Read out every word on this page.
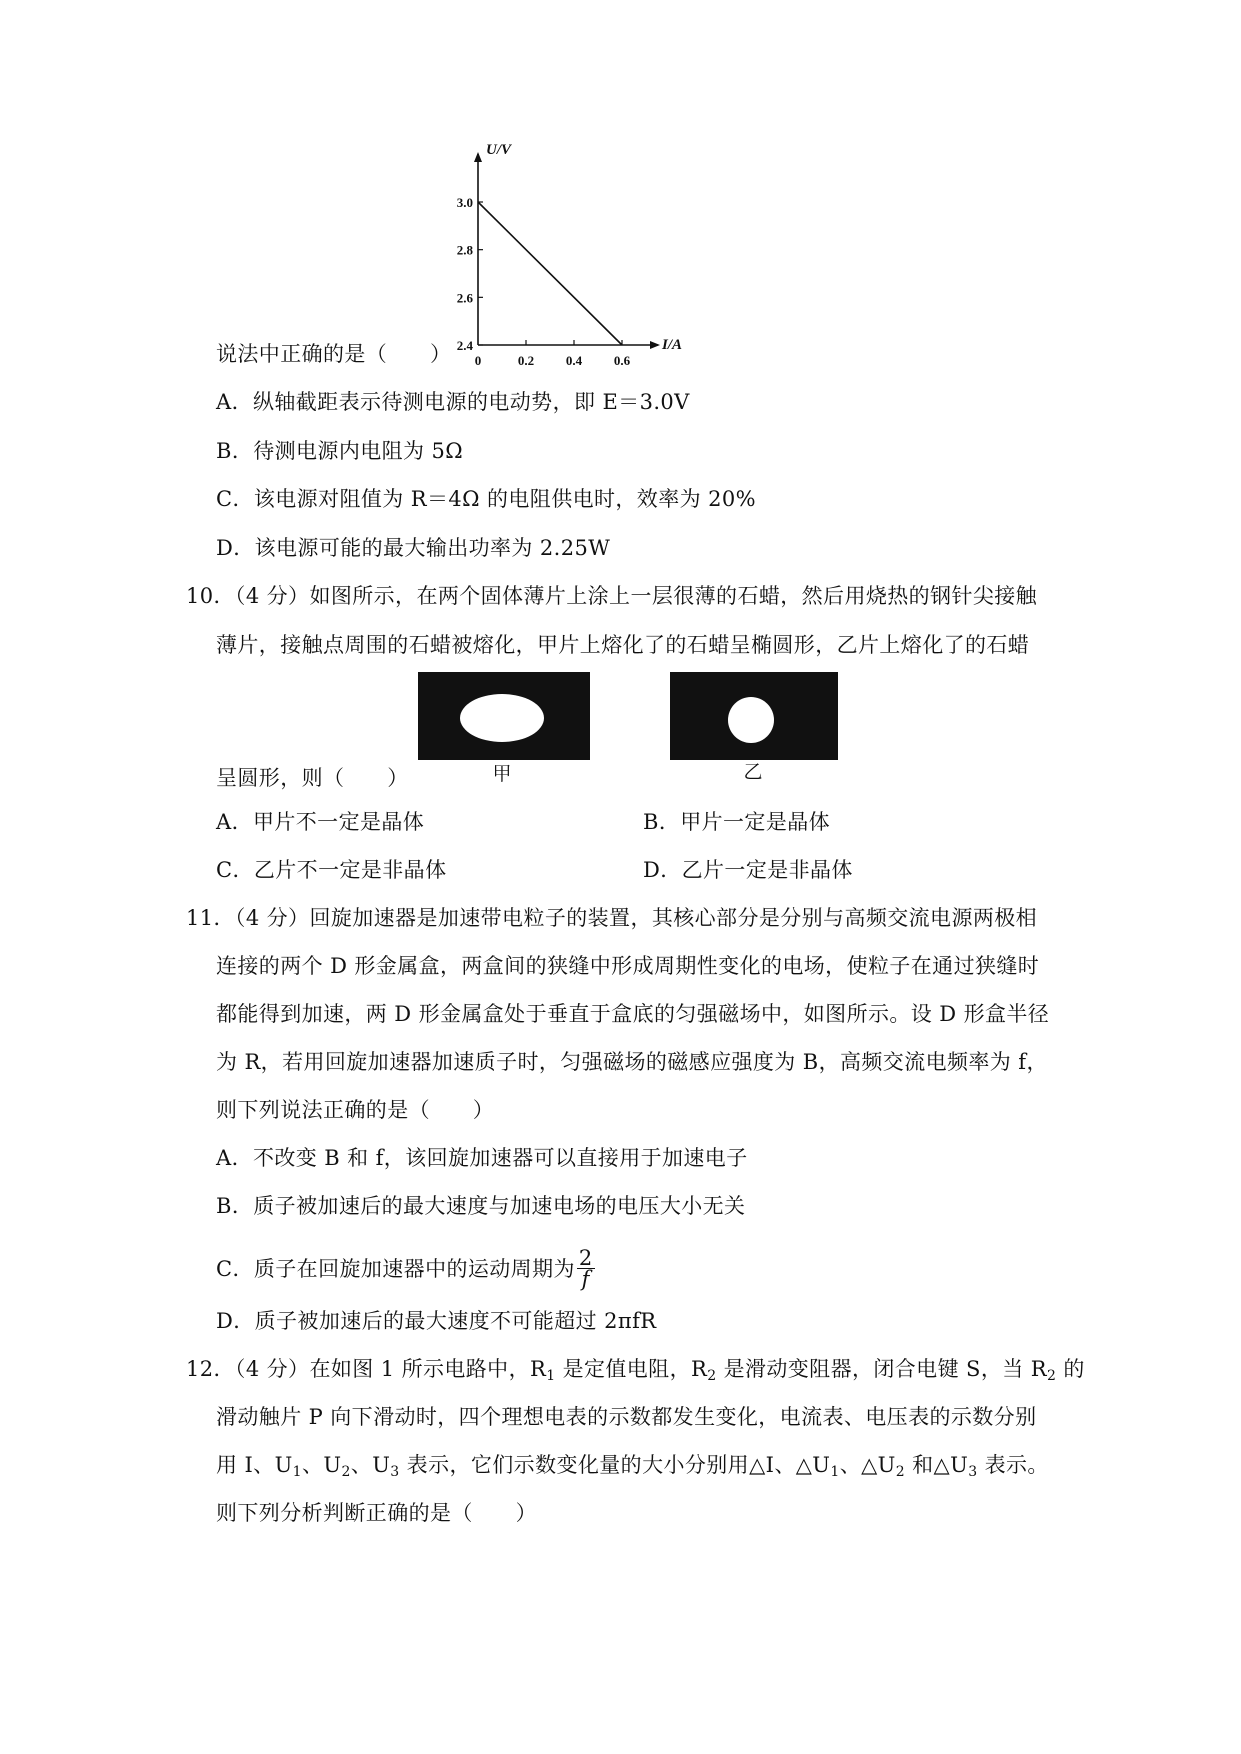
U/V
I/A
2.4
2.6
2.8
3.0
0	0.2 0.4 0.6
说法中正确的是（　　）
A．纵轴截距表示待测电源的电动势，即 E＝3.0V
B．待测电源内电阻为 5Ω
C．该电源对阻值为 R＝4Ω 的电阻供电时，效率为 20%
D．该电源可能的最大输出功率为 2.25W
10．（4 分）如图所示，在两个固体薄片上涂上一层很薄的石蜡，然后用烧热的钢针尖接触
薄片，接触点周围的石蜡被熔化，甲片上熔化了的石蜡呈椭圆形，乙片上熔化了的石蜡
甲	乙
呈圆形，则（　　）
A．甲片不一定是晶体	B．甲片一定是晶体
C．乙片不一定是非晶体	D．乙片一定是非晶体
11．（4 分）回旋加速器是加速带电粒子的装置，其核心部分是分别与高频交流电源两极相
连接的两个 D 形金属盒，两盒间的狭缝中形成周期性变化的电场，使粒子在通过狭缝时
都能得到加速，两 D 形金属盒处于垂直于盒底的匀强磁场中，如图所示。设 D 形盒半径
为 R，若用回旋加速器加速质子时，匀强磁场的磁感应强度为 B，高频交流电频率为 f，
则下列说法正确的是（　　）
A．不改变 B 和 f，该回旋加速器可以直接用于加速电子
B．质子被加速后的最大速度与加速电场的电压大小无关
C．质子在回旋加速器中的运动周期为 $\frac{2}{f}$
D．质子被加速后的最大速度不可能超过 2πfR
12．（4 分）在如图 1 所示电路中，$R_1$ 是定值电阻，$R_2$ 是滑动变阻器，闭合电键 S，当 $R_2$ 的
滑动触片 P 向下滑动时，四个理想电表的示数都发生变化，电流表、电压表的示数分别
用 I、$U_1$、$U_2$、$U_3$ 表示，它们示数变化量的大小分别用△I、$\triangle U_1$、$\triangle U_2$ 和$\triangle U_3$ 表示。
则下列分析判断正确的是（　　）
